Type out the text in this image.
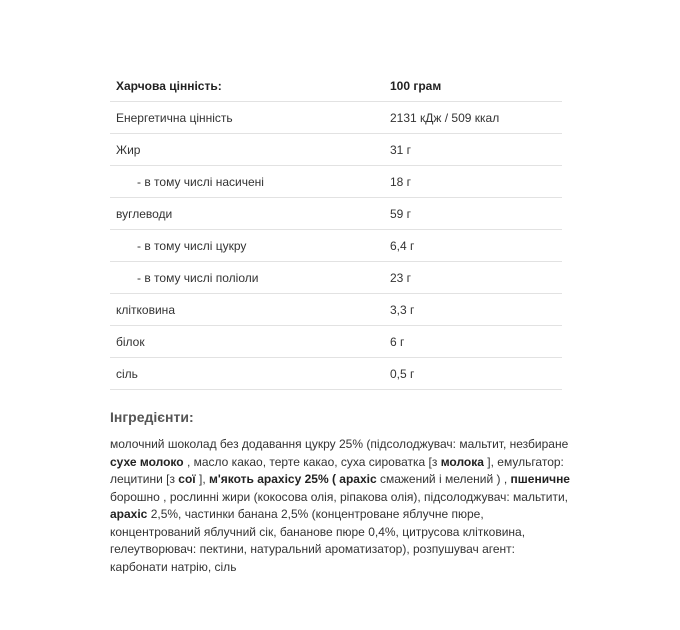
Харчова цінність:	100 грам
Енергетична цінність	2131 кДж / 509 ккал
Жир	31 г
- в тому числі насичені	18 г
вуглеводи	59 г
- в тому числі цукру	6,4 г
- в тому числі поліоли	23 г
клітковина	3,3 г
білок	6 г
сіль	0,5 г
Інгредієнти:

молочний шоколад без додавання цукру 25% (підсолоджувач: мальтит, незбиране сухе молоко , масло какао, терте какао, суха сироватка [з молока ], емульгатор: лецитини [з сої ], м'якоть арахісу 25% ( арахіс смажений і мелений ) , пшеничне борошно , рослинні жири (кокосова олія, ріпакова олія), підсолоджувач: мальтити, арахіс 2,5%, частинки банана 2,5% (концентроване яблучне пюре, концентрований яблучний сік, бананове пюре 0,4%, цитрусова клітковина, гелеутворювач: пектини, натуральний ароматизатор), розпушувач агент: карбонати натрію, сіль
